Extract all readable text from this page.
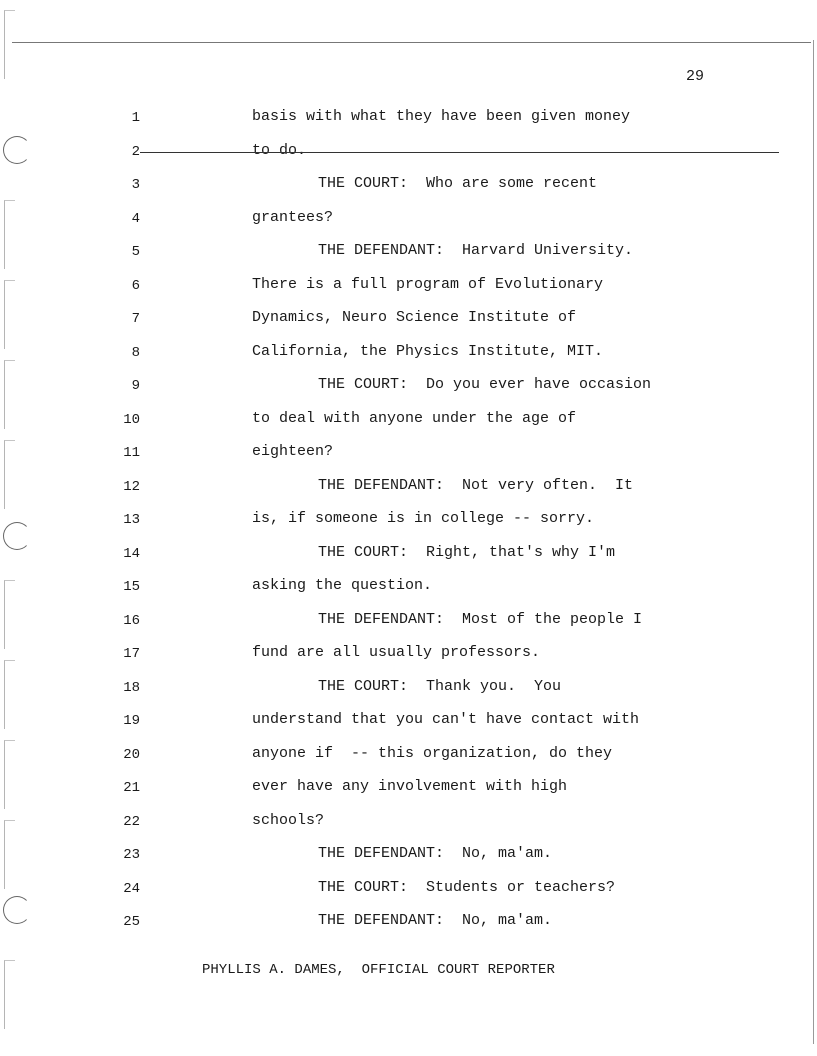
29
1	basis with what they have been given money
2	to do.
3	THE COURT:  Who are some recent
4	grantees?
5	THE DEFENDANT:  Harvard University.
6	There is a full program of Evolutionary
7	Dynamics, Neuro Science Institute of
8	California, the Physics Institute, MIT.
9	THE COURT:  Do you ever have occasion
10	to deal with anyone under the age of
11	eighteen?
12	THE DEFENDANT:  Not very often.  It
13	is, if someone is in college -- sorry.
14	THE COURT:  Right, that's why I'm
15	asking the question.
16	THE DEFENDANT:  Most of the people I
17	fund are all usually professors.
18	THE COURT:  Thank you.  You
19	understand that you can't have contact with
20	anyone if  -- this organization, do they
21	ever have any involvement with high
22	schools?
23	THE DEFENDANT:  No, ma'am.
24	THE COURT:  Students or teachers?
25	THE DEFENDANT:  No, ma'am.
PHYLLIS A. DAMES,  OFFICIAL COURT REPORTER
